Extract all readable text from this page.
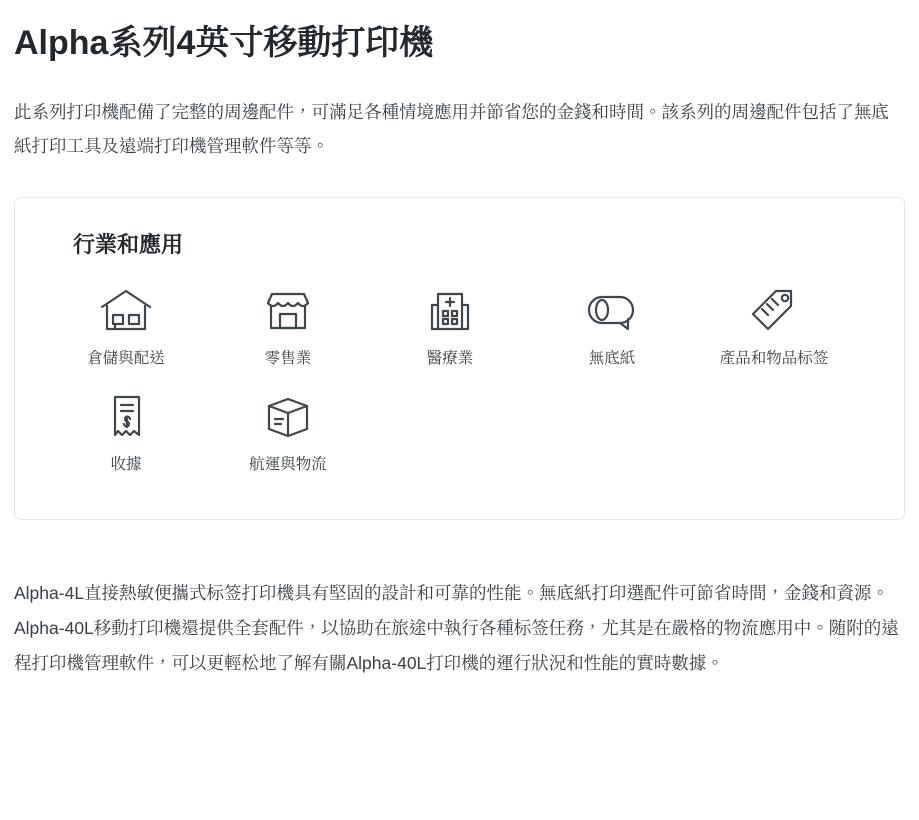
Alpha系列4英寸移動打印機

此系列打印機配備了完整的周邊配件，可滿足各種情境應用并節省您的金錢和時間。該系列的周邊配件包括了無底紙打印工具及遠端打印機管理軟件等等。

行業和應用
倉儲與配送	零售業	醫療業	無底紙	產品和物品标签
收據	航運與物流

Alpha-4L直接熱敏便攜式标签打印機具有堅固的設計和可靠的性能。無底紙打印選配件可節省時間，金錢和資源。 Alpha-40L移動打印機還提供全套配件，以協助在旅途中執行各種标签任務，尤其是在嚴格的物流應用中。随附的遠程打印機管理軟件，可以更輕松地了解有關Alpha-40L打印機的運行狀況和性能的實時數據。
